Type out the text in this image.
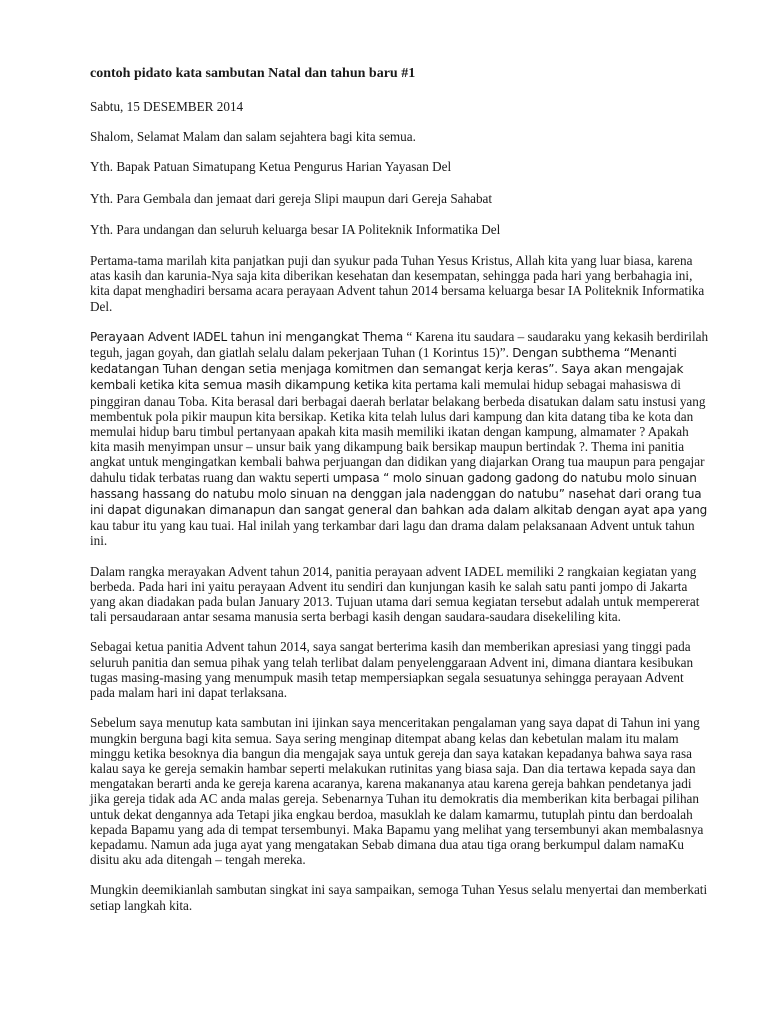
contoh pidato kata sambutan Natal dan tahun baru #1

Sabtu, 15 DESEMBER 2014

Shalom, Selamat Malam dan salam sejahtera bagi kita semua.

Yth. Bapak Patuan Simatupang Ketua Pengurus Harian Yayasan Del

Yth. Para Gembala dan jemaat dari gereja Slipi maupun dari Gereja Sahabat

Yth. Para undangan dan seluruh keluarga besar IA Politeknik Informatika Del

Pertama-tama marilah kita panjatkan puji dan syukur pada Tuhan Yesus Kristus, Allah kita yang luar biasa, karena atas kasih dan karunia-Nya saja kita diberikan kesehatan dan kesempatan, sehingga pada hari yang berbahagia ini, kita dapat menghadiri bersama acara perayaan Advent tahun 2014 bersama keluarga besar IA Politeknik Informatika Del.

Perayaan Advent IADEL tahun ini mengangkat Thema “ Karena itu saudara – saudaraku yang kekasih berdirilah teguh, jagan goyah, dan giatlah selalu dalam pekerjaan Tuhan (1 Korintus 15)”. Dengan subthema “Menanti kedatangan Tuhan dengan setia menjaga komitmen dan semangat kerja keras”. Saya akan mengajak kembali ketika kita semua masih dikampung ketika kita pertama kali memulai hidup sebagai mahasiswa di pinggiran danau Toba. Kita berasal dari berbagai daerah berlatar belakang berbeda disatukan dalam satu instusi yang membentuk pola pikir maupun kita bersikap. Ketika kita telah lulus dari kampung dan kita datang tiba ke kota dan memulai hidup baru timbul pertanyaan apakah kita masih memiliki ikatan dengan kampung, almamater ? Apakah kita masih menyimpan unsur – unsur baik yang dikampung baik bersikap maupun bertindak ?. Thema ini panitia angkat untuk mengingatkan kembali bahwa perjuangan dan didikan yang diajarkan Orang tua maupun para pengajar dahulu tidak terbatas ruang dan waktu seperti umpasa “ molo sinuan gadong gadong do natubu molo sinuan hassang hassang do natubu molo sinuan na denggan jala nadenggan do natubu” nasehat dari orang tua ini dapat digunakan dimanapun dan sangat general dan bahkan ada dalam alkitab dengan ayat apa yang kau tabur itu yang kau tuai. Hal inilah yang terkambar dari lagu dan drama dalam pelaksanaan Advent untuk tahun ini.

Dalam rangka merayakan Advent tahun 2014, panitia perayaan advent IADEL memiliki 2 rangkaian kegiatan yang berbeda. Pada hari ini yaitu perayaan Advent itu sendiri dan kunjungan kasih ke salah satu panti jompo di Jakarta yang akan diadakan pada bulan January 2013. Tujuan utama dari semua kegiatan tersebut adalah untuk mempererat tali persaudaraan antar sesama manusia serta berbagi kasih dengan saudara-saudara disekeliling kita.

Sebagai ketua panitia Advent tahun 2014, saya sangat berterima kasih dan memberikan apresiasi yang tinggi pada seluruh panitia dan semua pihak yang telah terlibat dalam penyelenggaraan Advent ini, dimana diantara kesibukan tugas masing-masing yang menumpuk masih tetap mempersiapkan segala sesuatunya sehingga perayaan Advent pada malam hari ini dapat terlaksana.

Sebelum saya menutup kata sambutan ini ijinkan saya menceritakan pengalaman yang saya dapat di Tahun ini yang mungkin berguna bagi kita semua. Saya sering menginap ditempat abang kelas dan kebetulan malam itu malam minggu ketika besoknya dia bangun dia mengajak saya untuk gereja dan saya katakan kepadanya bahwa saya rasa kalau saya ke gereja semakin hambar seperti melakukan rutinitas yang biasa saja. Dan dia tertawa kepada saya dan mengatakan berarti anda ke gereja karena acaranya, karena makananya atau karena gereja bahkan pendetanya jadi jika gereja tidak ada AC anda malas gereja. Sebenarnya Tuhan itu demokratis dia memberikan kita berbagai pilihan untuk dekat dengannya ada Tetapi jika engkau berdoa, masuklah ke dalam kamarmu, tutuplah pintu dan berdoalah kepada Bapamu yang ada di tempat tersembunyi. Maka Bapamu yang melihat yang tersembunyi akan membalasnya kepadamu. Namun ada juga ayat yang mengatakan Sebab dimana dua atau tiga orang berkumpul dalam namaKu disitu aku ada ditengah – tengah mereka.

Mungkin deemikianlah sambutan singkat ini saya sampaikan, semoga Tuhan Yesus selalu menyertai dan memberkati setiap langkah kita.
